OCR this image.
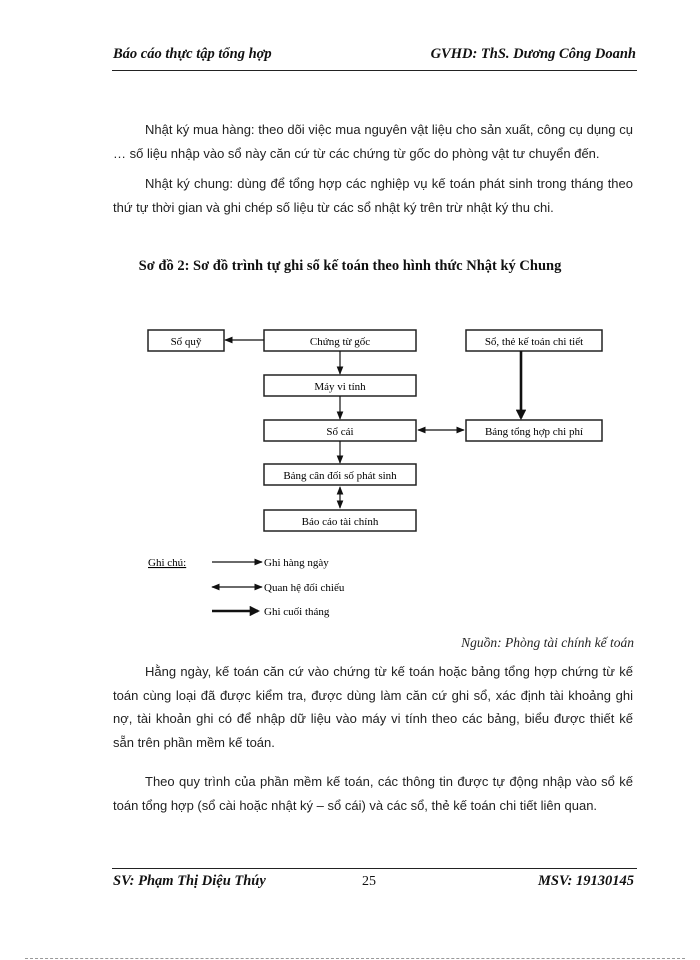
Báo cáo thực tập tổng hợp	GVHD: ThS. Dương Công Doanh
Nhật ký mua hàng: theo dõi việc mua nguyên vật liệu cho sản xuất, công cụ dụng cụ … số liệu nhập vào sổ này căn cứ từ các chứng từ gốc do phòng vật tư chuyển đến.
Nhật ký chung: dùng để tổng hợp các nghiệp vụ kế toán phát sinh trong tháng theo thứ tự thời gian và ghi chép số liệu từ các sổ nhật ký trên trừ nhật ký thu chi.
Sơ đồ 2: Sơ đồ trình tự ghi sổ kế toán theo hình thức Nhật ký Chung
Sổ quỹ	Chứng từ gốc	Sổ, thẻ kế toán chi tiết
Máy vi tính
Sổ cái	Bảng tổng hợp chi phí
Bảng cân đối số phát sinh
Báo cáo tài chính
Ghi chú:	Ghi hàng ngày
Quan hệ đối chiếu
Ghi cuối tháng
Nguồn: Phòng tài chính kế toán
Hằng ngày, kế toán căn cứ vào chứng từ kế toán hoặc bảng tổng hợp chứng từ kế toán cùng loại đã được kiểm tra, được dùng làm căn cứ ghi sổ, xác định tài khoảng ghi nợ, tài khoản ghi có để nhập dữ liệu vào máy vi tính theo các bảng, biểu được thiết kế sẵn trên phần mềm kế toán.
Theo quy trình của phần mềm kế toán, các thông tin được tự động nhập vào sổ kế toán tổng hợp (sổ cài hoặc nhật ký – sổ cái) và các sổ, thẻ kế toán chi tiết liên quan.
SV: Phạm Thị Diệu Thúy	25	MSV: 19130145
